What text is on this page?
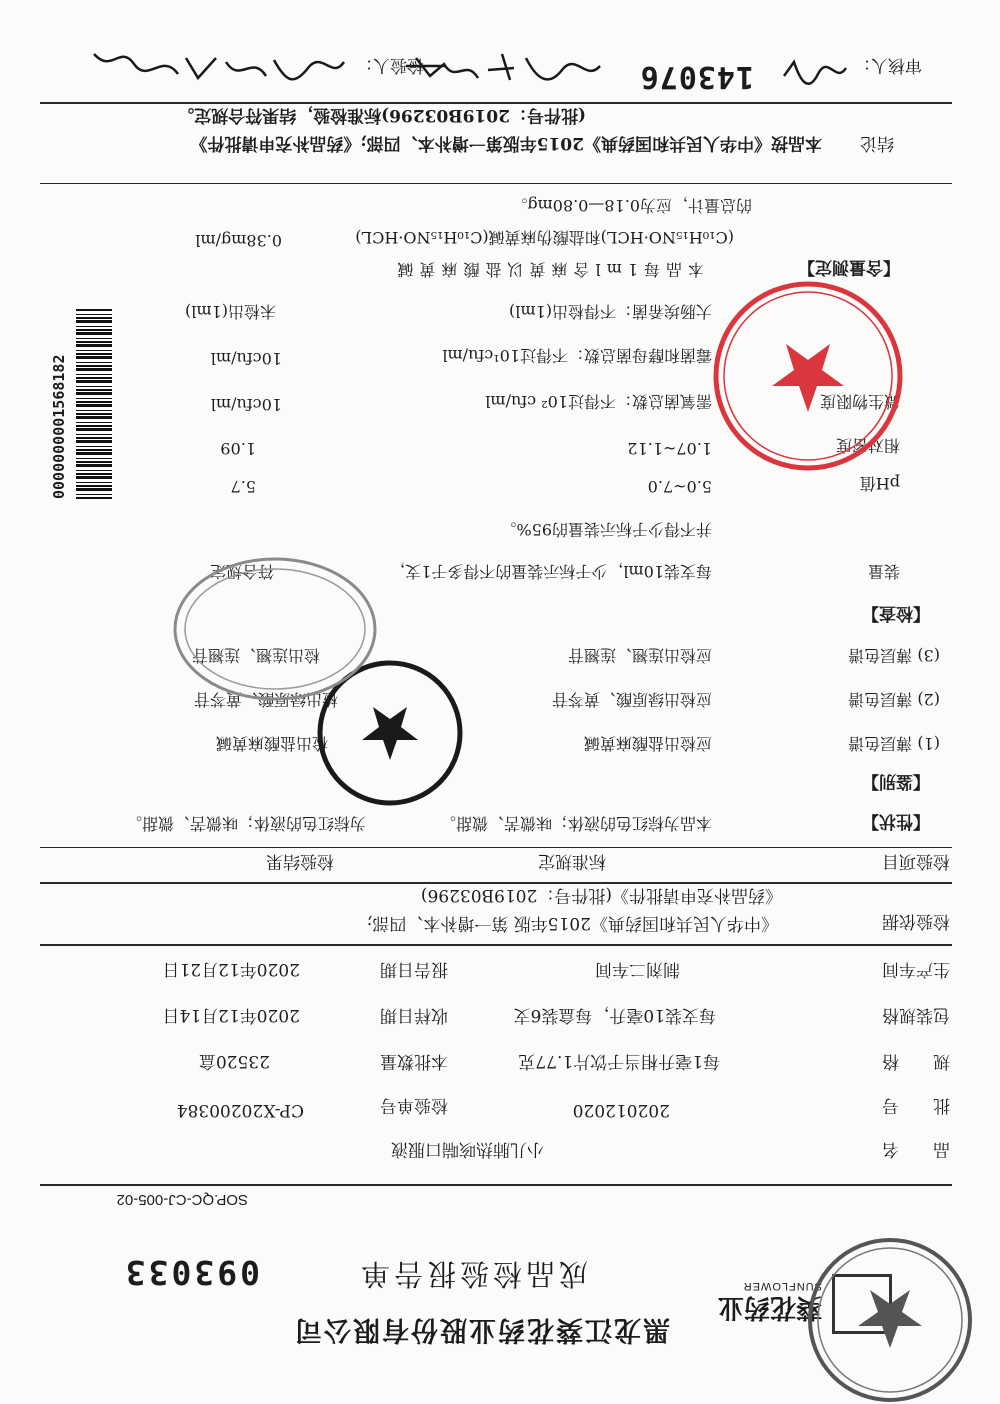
葵花药业
SUNFLOWER
黑龙江葵花药业股份有限公司
成品检验报告单
093033
SOP.QC-CJ-005-02
品　　名
小儿肺热咳喘口服液
批　　号
202012020
检验单号
CP-X20200384
规　　格
每1毫升相当于饮片1.77克
本批数量
23520盒
包装规格
每支装10毫升，每盒装6支
收样日期
2020年12月14日
生产车间
制剂二车间
报告日期
2020年12月21日
检验依据
《中华人民共和国药典》2015年版 第一增补本、四部;
《药品补充申请批件》(批件号：2019B03296)
检验项目
标准规定
检验结果
【性状】
本品为棕红色的液体；味微苦、微甜。
为棕红色的液体；味微苦、微甜。
【鉴别】
(1) 薄层色谱
应检出盐酸麻黄碱
检出盐酸麻黄碱
(2) 薄层色谱
应检出绿原酸、黄芩苷
检出绿原酸、黄芩苷
(3) 薄层色谱
应检出连翘、连翘苷
检出连翘、连翘苷
【检查】
装量
每支装10ml，少于标示装量的不得多于1支，
符合规定
并不得少于标示装量的95%。
pH值
5.0~7.0
5.7
相对密度
1.07~1.12
1.09
微生物限度
需氧菌总数：不得过10² cfu/ml
10cfu/ml
霉菌和酵母菌总数：不得过10¹cfu/ml
10cfu/ml
大肠埃希菌：不得检出(1ml)
未检出(1ml)
【含量测定】
本品每1ml含麻黄以盐酸麻黄碱
(C₁₀H₁₅NO·HCL)和盐酸伪麻黄碱(C₁₀H₁₅NO·HCL)
0.38mg/ml
的总量计，应为0.18—0.80mg。
结论
本品按《中华人民共和国药典》2015年版第一增补本、四部;《药品补充申请批件》
(批件号：2019B03296)标准检验，结果符合规定。
审核人：
143076
检验人：
0000000001568182
